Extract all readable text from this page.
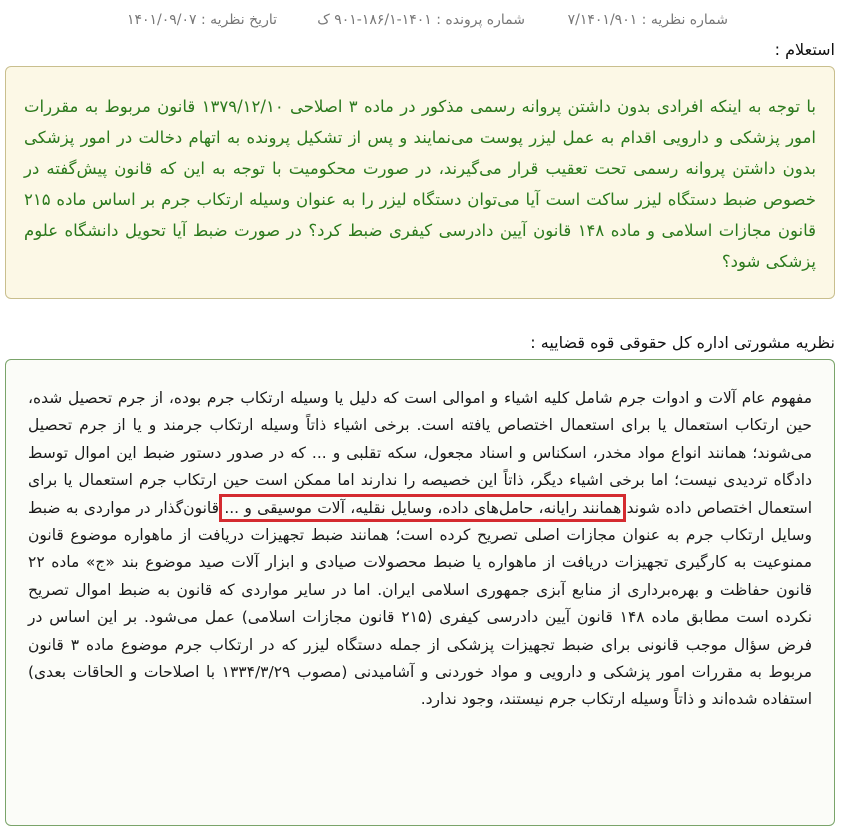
شماره نظریه : ۷/۱۴۰۱/۹۰۱
شماره پرونده : ۱۴۰۱-۱۸۶/۱-۹۰۱ ک
تاریخ نظریه : ۱۴۰۱/۰۹/۰۷
استعلام :
با توجه به اینکه افرادی بدون داشتن پروانه رسمی مذکور در ماده ۳ اصلاحی ۱۳۷۹/۱۲/۱۰ قانون مربوط به مقررات امور پزشکی و دارویی اقدام به عمل لیزر پوست می‌نمایند و پس از تشکیل پرونده به اتهام دخالت در امور پزشکی بدون داشتن پروانه رسمی تحت تعقیب قرار می‌گیرند، در صورت محکومیت با توجه به این که قانون پیش‌گفته در خصوص ضبط دستگاه لیزر ساکت است آیا می‌توان دستگاه لیزر را به عنوان وسیله ارتکاب جرم بر اساس ماده ۲۱۵ قانون مجازات اسلامی و ماده ۱۴۸ قانون آیین دادرسی کیفری ضبط کرد؟ در صورت ضبط آیا تحویل دانشگاه علوم پزشکی شود؟
نظریه مشورتی اداره کل حقوقی قوه قضاییه :
مفهوم عام آلات و ادوات جرم شامل کلیه اشیاء و اموالی است که دلیل یا وسیله ارتکاب جرم بوده، از جرم تحصیل شده، حین ارتکاب استعمال یا برای استعمال اختصاص یافته است. برخی اشیاء ذاتاً وسیله ارتکاب جرمند و یا از جرم تحصیل می‌شوند؛ همانند انواع مواد مخدر، اسکناس و اسناد مجعول، سکه تقلبی و ... که در صدور دستور ضبط این اموال توسط دادگاه تردیدی نیست؛ اما برخی اشیاء دیگر، ذاتاً این خصیصه را ندارند اما ممکن است حین ارتکاب جرم استعمال یا برای استعمال اختصاص داده شوند همانند رایانه، حامل‌های داده، وسایل نقلیه، آلات موسیقی و ... قانون‌گذار در مواردی به ضبط وسایل ارتکاب جرم به عنوان مجازات اصلی تصریح کرده است؛ همانند ضبط تجهیزات دریافت از ماهواره موضوع قانون ممنوعیت به کارگیری تجهیزات دریافت از ماهواره یا ضبط محصولات صیادی و ابزار آلات صید موضوع بند «ج» ماده ۲۲ قانون حفاظت و بهره‌برداری از منابع آبزی جمهوری اسلامی ایران. اما در سایر مواردی که قانون به ضبط اموال تصریح نکرده است مطابق ماده ۱۴۸ قانون آیین دادرسی کیفری (۲۱۵ قانون مجازات اسلامی) عمل می‌شود. بر این اساس در فرض سؤال موجب قانونی برای ضبط تجهیزات پزشکی از جمله دستگاه لیزر که در ارتکاب جرم موضوع ماده ۳ قانون مربوط به مقررات امور پزشکی و دارویی و مواد خوردنی و آشامیدنی (مصوب ۱۳۳۴/۳/۲۹ با اصلاحات و الحاقات بعدی) استفاده شده‌اند و ذاتاً وسیله ارتکاب جرم نیستند، وجود ندارد.
